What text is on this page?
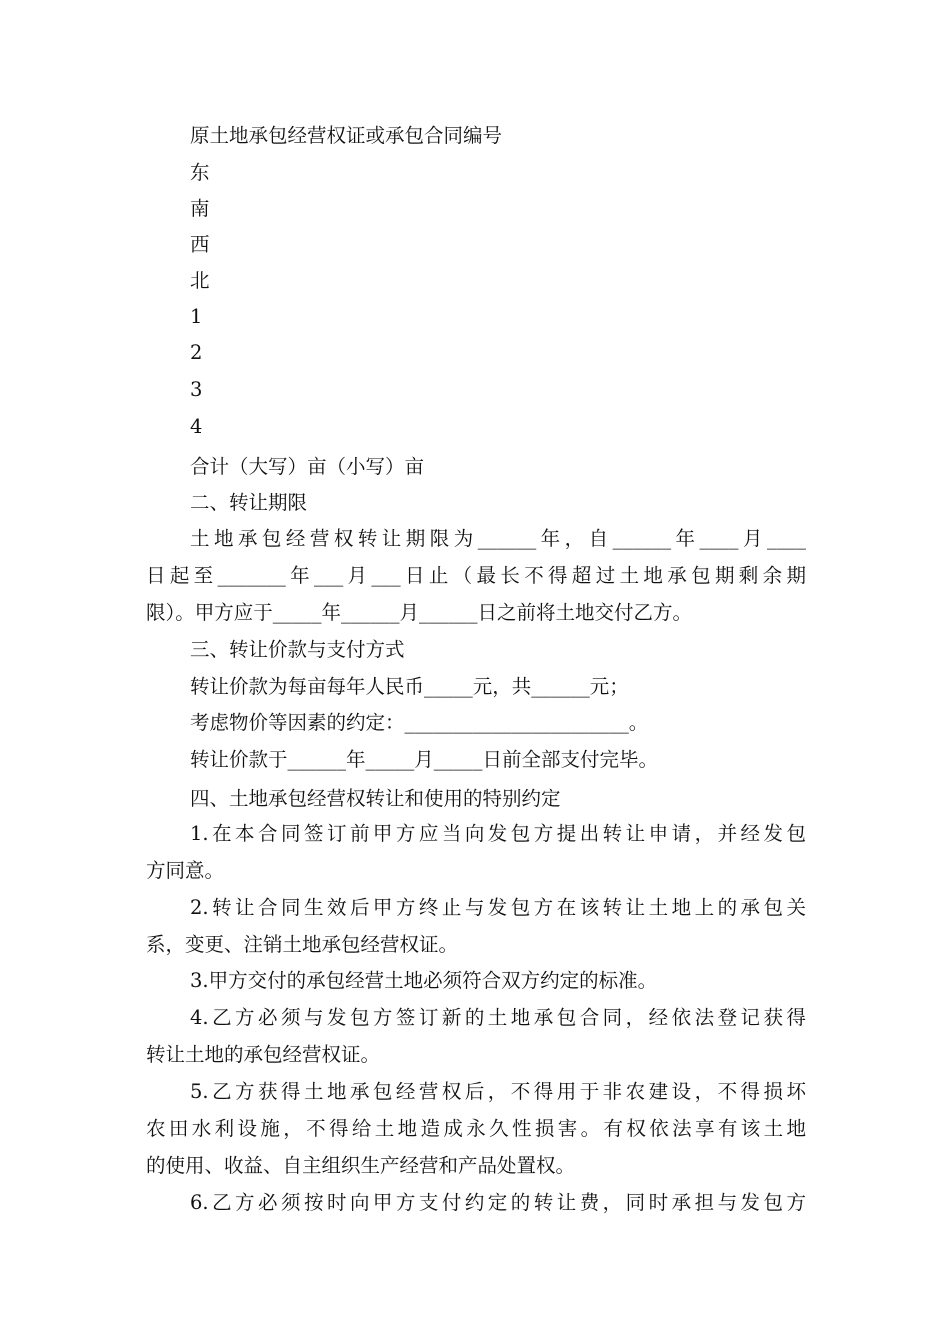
原土地承包经营权证或承包合同编号
东
南
西
北
1
2
3
4
合计（大写）亩（小写）亩
二、转让期限
土地承包经营权转让期限为______年，自______年____月____
日起至_______年___月___日止（最长不得超过土地承包期剩余期
限）。甲方应于_____年______月______日之前将土地交付乙方。
三、转让价款与支付方式
转让价款为每亩每年人民币_____元，共______元；
考虑物价等因素的约定：_______________________。
转让价款于______年_____月_____日前全部支付完毕。
四、土地承包经营权转让和使用的特别约定
1.在本合同签订前甲方应当向发包方提出转让申请，并经发包
方同意。
2.转让合同生效后甲方终止与发包方在该转让土地上的承包关
系，变更、注销土地承包经营权证。
3.甲方交付的承包经营土地必须符合双方约定的标准。
4.乙方必须与发包方签订新的土地承包合同，经依法登记获得
转让土地的承包经营权证。
5.乙方获得土地承包经营权后，不得用于非农建设，不得损坏
农田水利设施，不得给土地造成永久性损害。有权依法享有该土地
的使用、收益、自主组织生产经营和产品处置权。
6.乙方必须按时向甲方支付约定的转让费，同时承担与发包方
